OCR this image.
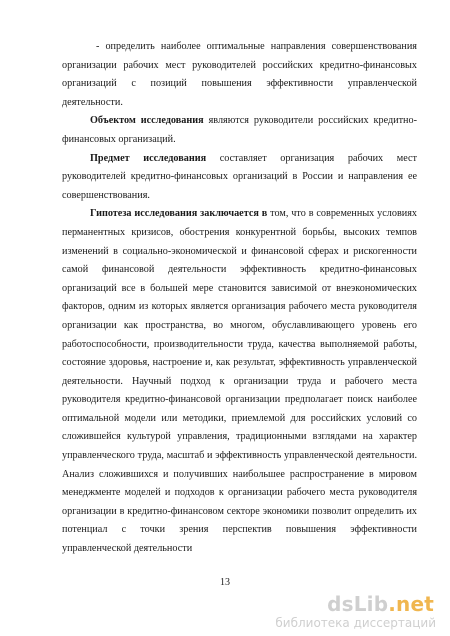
- определить наиболее оптимальные направления совершенствования организации рабочих мест руководителей российских кредитно-финансовых организаций с позиций повышения эффективности управленческой деятельности.

Объектом исследования являются руководители российских кредитно-финансовых организаций.

Предмет исследования составляет организация рабочих мест руководителей кредитно-финансовых организаций в России и направления ее совершенствования.

Гипотеза исследования заключается в том, что в современных условиях перманентных кризисов, обострения конкурентной борьбы, высоких темпов изменений в социально-экономической и финансовой сферах и рискогенности самой финансовой деятельности эффективность кредитно-финансовых организаций все в большей мере становится зависимой от внеэкономических факторов, одним из которых является организация рабочего места руководителя организации как пространства, во многом, обуславливающего уровень его работоспособности, производительности труда, качества выполняемой работы, состояние здоровья, настроение и, как результат, эффективность управленческой деятельности. Научный подход к организации труда и рабочего места руководителя кредитно-финансовой организации предполагает поиск наиболее оптимальной модели или методики, приемлемой для российских условий со сложившейся культурой управления, традиционными взглядами на характер управленческого труда, масштаб и эффективность управленческой деятельности. Анализ сложившихся и получивших наибольшее распространение в мировом менеджменте моделей и подходов к организации рабочего места руководителя организации в кредитно-финансовом секторе экономики позволит определить их потенциал с точки зрения перспектив повышения эффективности управленческой деятельности

13
ds Lib .net
библиотека диссертаций
